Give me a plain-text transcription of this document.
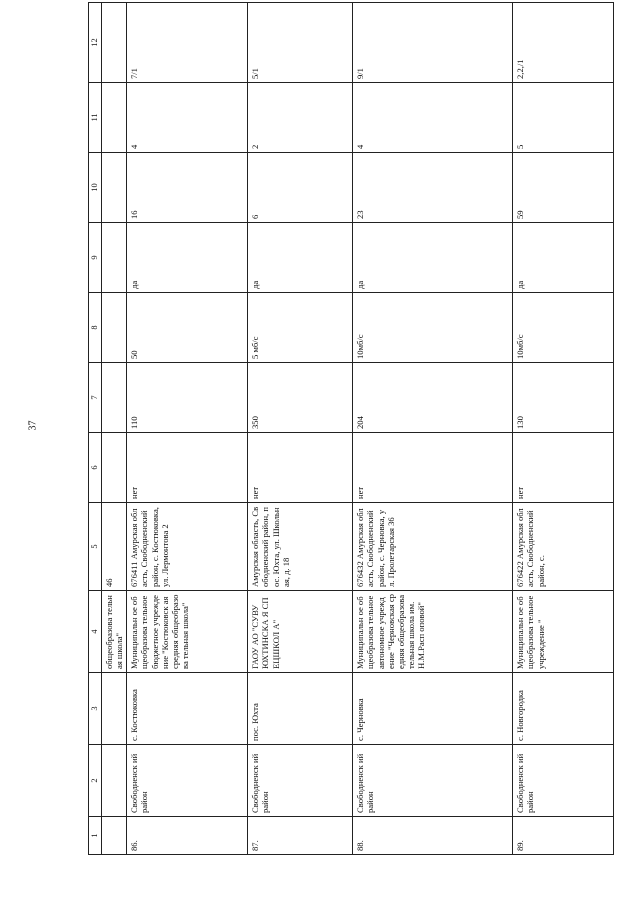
37
1	2	3	4	5	6	7	8	9	10	11	12
			общеобразова тельная школа"	46							
86.	Свободненск ий район	с. Костюковка	Муниципальн ое общеобразова тельное бюджетное учреждение "Костюковск ая средняя общеобразова тельная школа"	676411 Амурская область, Свободненский район, с. Костюковка, ул. Лермонтова 2	нет	110	50	да	16	4	7/1
87.	Свободненск ий район	пос. Юхта	ГАОУ АО "СУВУ ЮХТИНСКА Я СПЕЦШКОЛ А"	Амурская область, Свободненский район, пос. Юхта, ул. Школьная, д. 18	нет	350	5 мб/с	да	6	2	5/1
88.	Свободненск ий район	с. Черновка	Муниципальн ое общеобразова тельное автономное учреждение "Черновская средняя общеобразова тельная школа им.Н.М.Расп оповой"	676432 Амурская область, Свободненский район, с. Черновка, ул. Пролетарская 36	нет	204	10мб/с	да	23	4	9/1
89.	Свободненск ий район	с. Новгородка	Муниципальн ое общеобразова тельное учреждение "	676422 Амурская область, Свободненский район, с.	нет	130	10мб/с	да	59	5	2,2,/1
